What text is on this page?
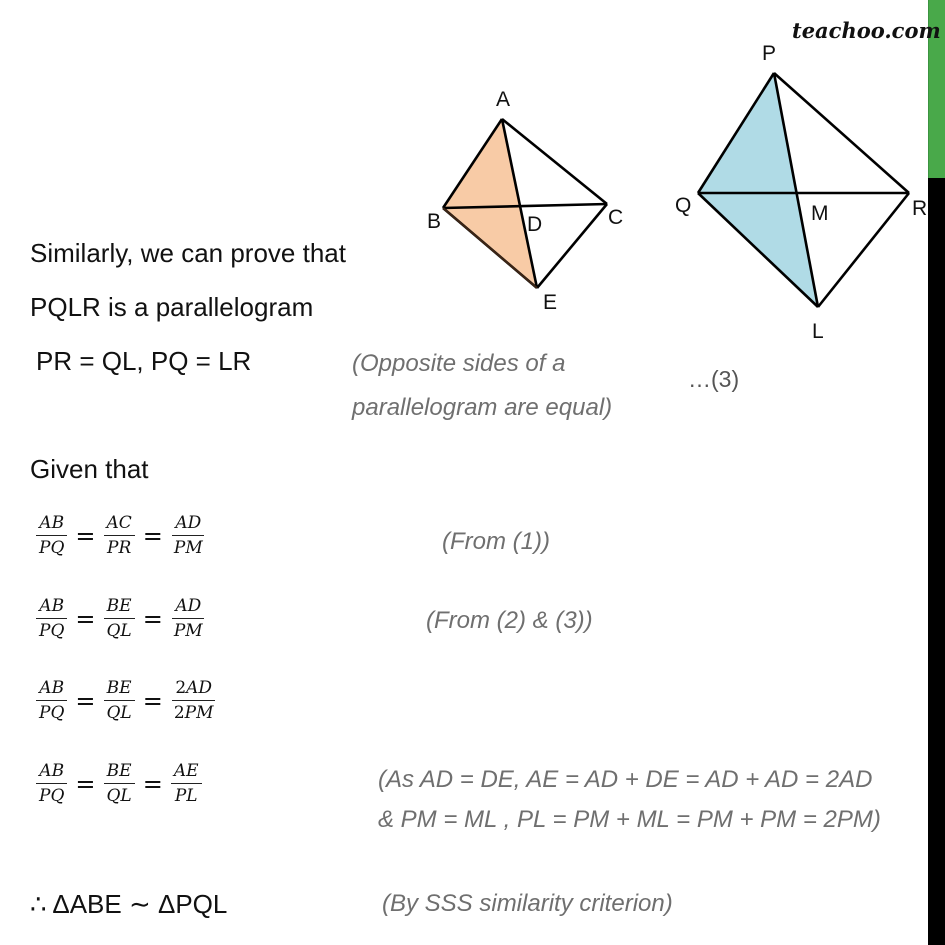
teachoo.com
A
B	D	C
E
P
Q	M	R
L
Similarly, we can prove that
PQLR is a parallelogram
PR = QL, PQ = LR	(Opposite sides of a
parallelogram are equal)
…(3)
Given that
$\frac{AB}{PQ} = \frac{AC}{PR} = \frac{AD}{PM}$	(From (1))
$\frac{AB}{PQ} = \frac{BE}{QL} = \frac{AD}{PM}$	(From (2) & (3))
$\frac{AB}{PQ} = \frac{BE}{QL} = \frac{2AD}{2PM}$
$\frac{AB}{PQ} = \frac{BE}{QL} = \frac{AE}{PL}$	(As AD = DE, AE = AD + DE = AD + AD = 2AD
& PM = ML , PL = PM + ML = PM + PM = 2PM)
∴ ΔABE ∼ ΔPQL	(By SSS similarity criterion)
